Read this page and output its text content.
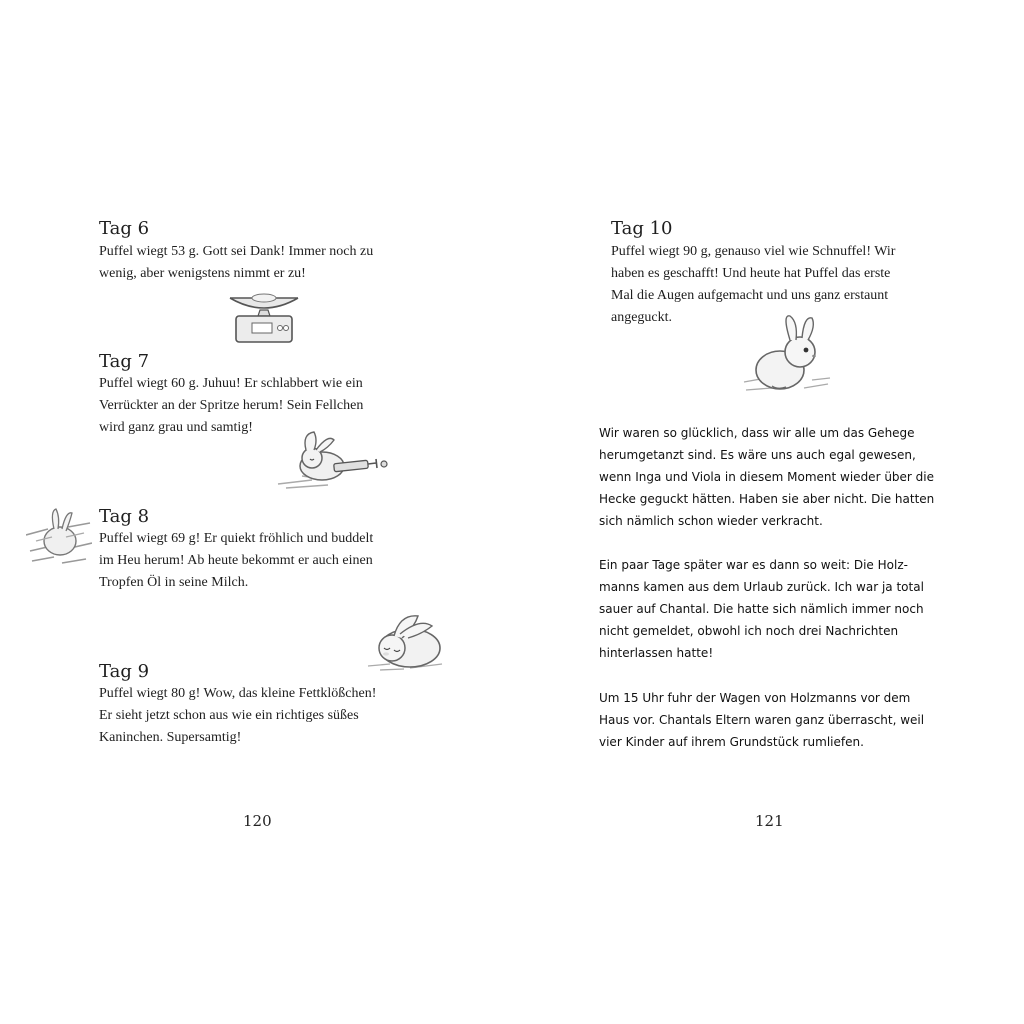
Tag 6

Puffel wiegt 53 g. Gott sei Dank! Immer noch zu
wenig, aber wenigstens nimmt er zu!

Tag 7

Puffel wiegt 60 g. Juhuu! Er schlabbert wie ein
Verrückter an der Spritze herum! Sein Fellchen
wird ganz grau und samtig!

Tag 8

Puffel wiegt 69 g! Er quiekt fröhlich und buddelt
im Heu herum! Ab heute bekommt er auch einen
Tropfen Öl in seine Milch.

Tag 9

Puffel wiegt 80 g! Wow, das kleine Fettklößchen!
Er sieht jetzt schon aus wie ein richtiges süßes
Kaninchen. Supersamtig!

120
Tag 10

Puffel wiegt 90 g, genauso viel wie Schnuffel! Wir
haben es geschafft! Und heute hat Puffel das erste
Mal die Augen aufgemacht und uns ganz erstaunt
angeguckt.

Wir waren so glücklich, dass wir alle um das Gehege
herumgetanzt sind. Es wäre uns auch egal gewesen,
wenn Inga und Viola in diesem Moment wieder über die
Hecke geguckt hätten. Haben sie aber nicht. Die hatten
sich nämlich schon wieder verkracht.

Ein paar Tage später war es dann so weit: Die Holz-
manns kamen aus dem Urlaub zurück. Ich war ja total
sauer auf Chantal. Die hatte sich nämlich immer noch
nicht gemeldet, obwohl ich noch drei Nachrichten
hinterlassen hatte!

Um 15 Uhr fuhr der Wagen von Holzmanns vor dem
Haus vor. Chantals Eltern waren ganz überrascht, weil
vier Kinder auf ihrem Grundstück rumliefen.

121
